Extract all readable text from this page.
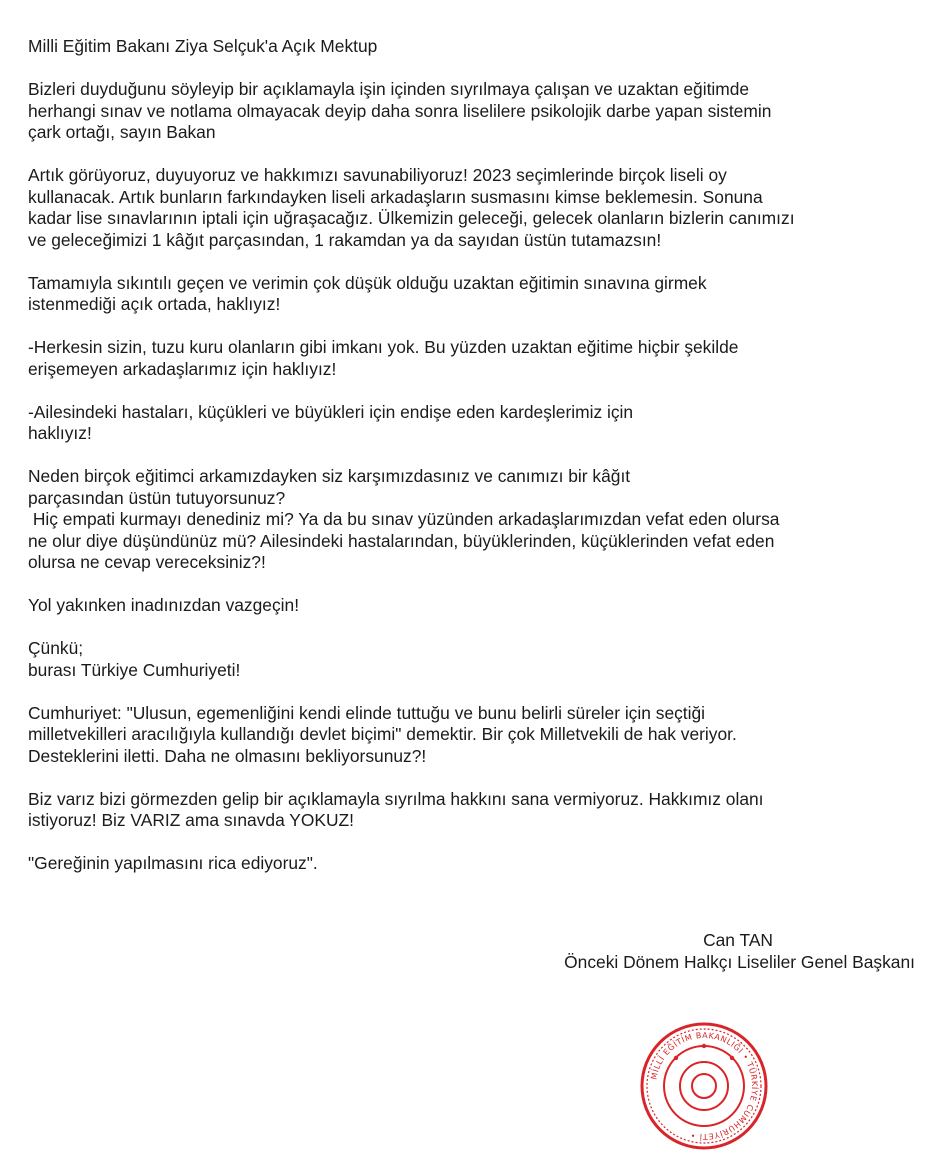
Milli Eğitim Bakanı Ziya Selçuk'a Açık Mektup
Bizleri duyduğunu söyleyip bir açıklamayla işin içinden sıyrılmaya çalışan ve uzaktan eğitimde
herhangi sınav ve notlama olmayacak deyip daha sonra liselilere psikolojik darbe yapan sistemin
çark ortağı, sayın Bakan
Artık görüyoruz, duyuyoruz ve hakkımızı savunabiliyoruz! 2023 seçimlerinde birçok liseli oy
kullanacak. Artık bunların farkındayken liseli arkadaşların susmasını kimse beklemesin. Sonuna
kadar lise sınavlarının iptali için uğraşacağız. Ülkemizin geleceği, gelecek olanların bizlerin canımızı
ve geleceğimizi 1 kâğıt parçasından, 1 rakamdan ya da sayıdan üstün tutamazsın!
Tamamıyla sıkıntılı geçen ve verimin çok düşük olduğu uzaktan eğitimin sınavına girmek
istenmediği açık ortada, haklıyız!
-Herkesin sizin, tuzu kuru olanların gibi imkanı yok. Bu yüzden uzaktan eğitime hiçbir şekilde
erişemeyen arkadaşlarımız için haklıyız!
-Ailesindeki hastaları, küçükleri ve büyükleri için endişe eden kardeşlerimiz için
haklıyız!
Neden birçok eğitimci arkamızdayken siz karşımızdasınız ve canımızı bir kâğıt
parçasından üstün tutuyorsunuz?
Hiç empati kurmayı denediniz mi? Ya da bu sınav yüzünden arkadaşlarımızdan vefat eden olursa
ne olur diye düşündünüz mü? Ailesindeki hastalarından, büyüklerinden, küçüklerinden vefat eden
olursa ne cevap vereceksiniz?!
Yol yakınken inadınızdan vazgeçin!
Çünkü;
burası Türkiye Cumhuriyeti!
Cumhuriyet: "Ulusun, egemenliğini kendi elinde tuttuğu ve bunu belirli süreler için seçtiği
milletvekilleri aracılığıyla kullandığı devlet biçimi" demektir. Bir çok Milletvekili de hak veriyor.
Desteklerini iletti. Daha ne olmasını bekliyorsunuz?!
Biz varız bizi görmezden gelip bir açıklamayla sıyrılma hakkını sana vermiyoruz. Hakkımız olanı
istiyoruz! Biz VARIZ ama sınavda YOKUZ!
"Gereğinin yapılmasını rica ediyoruz".
Can TAN
Önceki Dönem Halkçı Liseliler Genel Başkanı
MİLLÎ EĞİTİM BAKANLIĞI • TÜRKİYE CUMHURİYETİ •
